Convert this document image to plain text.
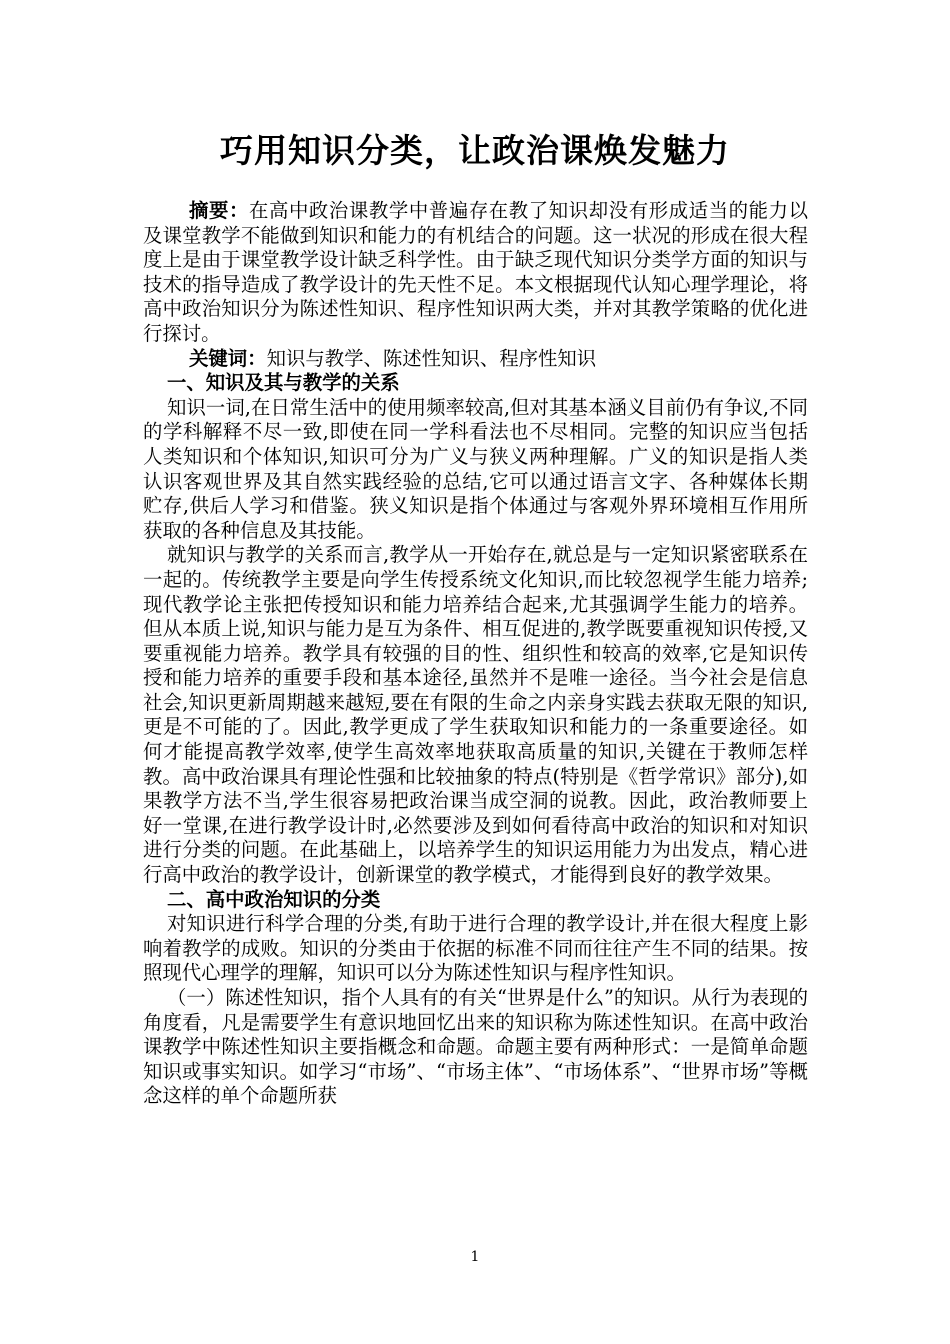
巧用知识分类，让政治课焕发魅力

摘要：在高中政治课教学中普遍存在教了知识却没有形成适当的能力以及课堂教学不能做到知识和能力的有机结合的问题。这一状况的形成在很大程度上是由于课堂教学设计缺乏科学性。由于缺乏现代知识分类学方面的知识与技术的指导造成了教学设计的先天性不足。本文根据现代认知心理学理论，将高中政治知识分为陈述性知识、程序性知识两大类，并对其教学策略的优化进行探讨。

关键词：知识与教学、陈述性知识、程序性知识

一、知识及其与教学的关系

知识一词,在日常生活中的使用频率较高,但对其基本涵义目前仍有争议,不同的学科解释不尽一致,即使在同一学科看法也不尽相同。完整的知识应当包括人类知识和个体知识,知识可分为广义与狭义两种理解。广义的知识是指人类认识客观世界及其自然实践经验的总结,它可以通过语言文字、各种媒体长期贮存,供后人学习和借鉴。狭义知识是指个体通过与客观外界环境相互作用所获取的各种信息及其技能。

就知识与教学的关系而言,教学从一开始存在,就总是与一定知识紧密联系在一起的。传统教学主要是向学生传授系统文化知识,而比较忽视学生能力培养;现代教学论主张把传授知识和能力培养结合起来,尤其强调学生能力的培养。但从本质上说,知识与能力是互为条件、相互促进的,教学既要重视知识传授,又要重视能力培养。教学具有较强的目的性、组织性和较高的效率,它是知识传授和能力培养的重要手段和基本途径,虽然并不是唯一途径。当今社会是信息社会,知识更新周期越来越短,要在有限的生命之内亲身实践去获取无限的知识,更是不可能的了。因此,教学更成了学生获取知识和能力的一条重要途径。如何才能提高教学效率,使学生高效率地获取高质量的知识,关键在于教师怎样教。高中政治课具有理论性强和比较抽象的特点(特别是《哲学常识》部分),如果教学方法不当,学生很容易把政治课当成空洞的说教。因此，政治教师要上好一堂课,在进行教学设计时,必然要涉及到如何看待高中政治的知识和对知识进行分类的问题。在此基础上，以培养学生的知识运用能力为出发点，精心进行高中政治的教学设计，创新课堂的教学模式，才能得到良好的教学效果。

二、高中政治知识的分类

对知识进行科学合理的分类,有助于进行合理的教学设计,并在很大程度上影响着教学的成败。知识的分类由于依据的标准不同而往往产生不同的结果。按照现代心理学的理解，知识可以分为陈述性知识与程序性知识。

（一）陈述性知识，指个人具有的有关“世界是什么”的知识。从行为表现的角度看，凡是需要学生有意识地回忆出来的知识称为陈述性知识。在高中政治课教学中陈述性知识主要指概念和命题。命题主要有两种形式：一是简单命题知识或事实知识。如学习“市场”、“市场主体”、“市场体系”、“世界市场”等概念这样的单个命题所获

1
